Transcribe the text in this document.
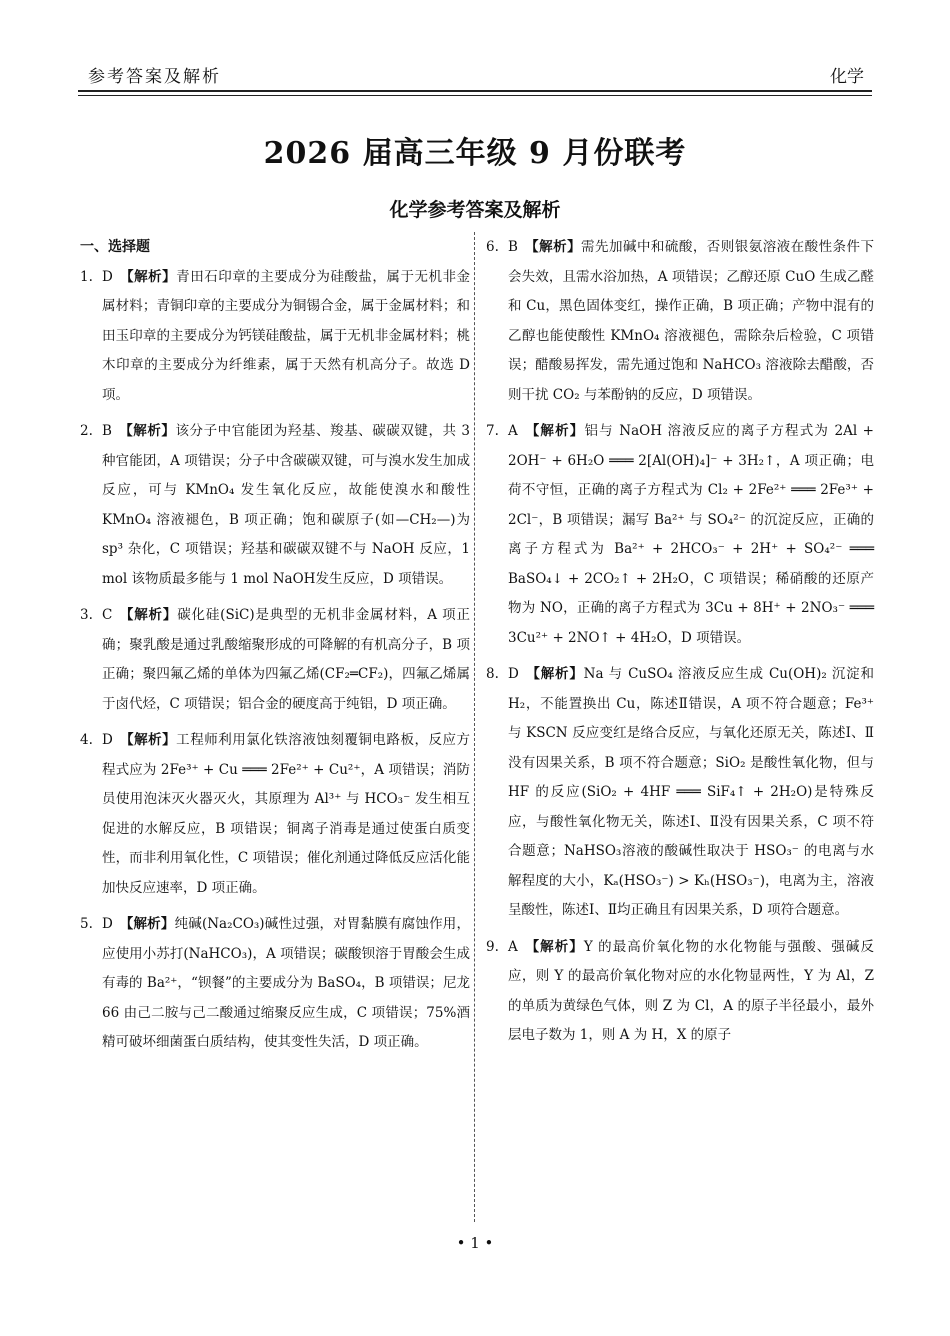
参考答案及解析	化学
2026 届高三年级 9 月份联考
化学参考答案及解析
一、选择题
1. D  【解析】青田石印章的主要成分为硅酸盐，属于无机非金属材料；青铜印章的主要成分为铜锡合金，属于金属材料；和田玉印章的主要成分为钙镁硅酸盐，属于无机非金属材料；桃木印章的主要成分为纤维素，属于天然有机高分子。故选 D 项。
2. B  【解析】该分子中官能团为羟基、羧基、碳碳双键，共 3 种官能团，A 项错误；分子中含碳碳双键，可与溴水发生加成反应，可与 KMnO₄ 发生氧化反应，故能使溴水和酸性 KMnO₄ 溶液褪色，B 项正确；饱和碳原子(如—CH₂—)为 sp³ 杂化，C 项错误；羟基和碳碳双键不与 NaOH 反应，1 mol 该物质最多能与 1 mol NaOH发生反应，D 项错误。
3. C  【解析】碳化硅(SiC)是典型的无机非金属材料，A 项正确；聚乳酸是通过乳酸缩聚形成的可降解的有机高分子，B 项正确；聚四氟乙烯的单体为四氟乙烯(CF₂═CF₂)，四氟乙烯属于卤代烃，C 项错误；铝合金的硬度高于纯铝，D 项正确。
4. D  【解析】工程师利用氯化铁溶液蚀刻覆铜电路板，反应方程式应为 2Fe³⁺ + Cu ═══ 2Fe²⁺ + Cu²⁺，A 项错误；消防员使用泡沫灭火器灭火，其原理为 Al³⁺ 与 HCO₃⁻ 发生相互促进的水解反应，B 项错误；铜离子消毒是通过使蛋白质变性，而非利用氧化性，C 项错误；催化剂通过降低反应活化能加快反应速率，D 项正确。
5. D  【解析】纯碱(Na₂CO₃)碱性过强，对胃黏膜有腐蚀作用，应使用小苏打(NaHCO₃)，A 项错误；碳酸钡溶于胃酸会生成有毒的 Ba²⁺，“钡餐”的主要成分为 BaSO₄，B 项错误；尼龙 66 由己二胺与己二酸通过缩聚反应生成，C 项错误；75%酒精可破坏细菌蛋白质结构，使其变性失活，D 项正确。
6. B  【解析】需先加碱中和硫酸，否则银氨溶液在酸性条件下会失效，且需水浴加热，A 项错误；乙醇还原 CuO 生成乙醛和 Cu，黑色固体变红，操作正确，B 项正确；产物中混有的乙醇也能使酸性 KMnO₄ 溶液褪色，需除杂后检验，C 项错误；醋酸易挥发，需先通过饱和 NaHCO₃ 溶液除去醋酸，否则干扰 CO₂ 与苯酚钠的反应，D 项错误。
7. A  【解析】铝与 NaOH 溶液反应的离子方程式为 2Al + 2OH⁻ + 6H₂O ═══ 2[Al(OH)₄]⁻ + 3H₂↑，A 项正确；电荷不守恒，正确的离子方程式为 Cl₂ + 2Fe²⁺ ═══ 2Fe³⁺ + 2Cl⁻，B 项错误；漏写 Ba²⁺ 与 SO₄²⁻ 的沉淀反应，正确的离子方程式为 Ba²⁺ + 2HCO₃⁻ + 2H⁺ + SO₄²⁻ ═══ BaSO₄↓ + 2CO₂↑ + 2H₂O，C 项错误；稀硝酸的还原产物为 NO，正确的离子方程式为 3Cu + 8H⁺ + 2NO₃⁻ ═══ 3Cu²⁺ + 2NO↑ + 4H₂O，D 项错误。
8. D  【解析】Na 与 CuSO₄ 溶液反应生成 Cu(OH)₂ 沉淀和 H₂，不能置换出 Cu，陈述Ⅱ错误，A 项不符合题意；Fe³⁺ 与 KSCN 反应变红是络合反应，与氧化还原无关，陈述Ⅰ、Ⅱ没有因果关系，B 项不符合题意；SiO₂ 是酸性氧化物，但与 HF 的反应(SiO₂ + 4HF ═══ SiF₄↑ + 2H₂O)是特殊反应，与酸性氧化物无关，陈述Ⅰ、Ⅱ没有因果关系，C 项不符合题意；NaHSO₃溶液的酸碱性取决于 HSO₃⁻ 的电离与水解程度的大小，Kₐ(HSO₃⁻) > Kₕ(HSO₃⁻)，电离为主，溶液呈酸性，陈述Ⅰ、Ⅱ均正确且有因果关系，D 项符合题意。
9. A  【解析】Y 的最高价氧化物的水化物能与强酸、强碱反应，则 Y 的最高价氧化物对应的水化物显两性，Y 为 Al，Z 的单质为黄绿色气体，则 Z 为 Cl，A 的原子半径最小，最外层电子数为 1，则 A 为 H，X 的原子
• 1 •
